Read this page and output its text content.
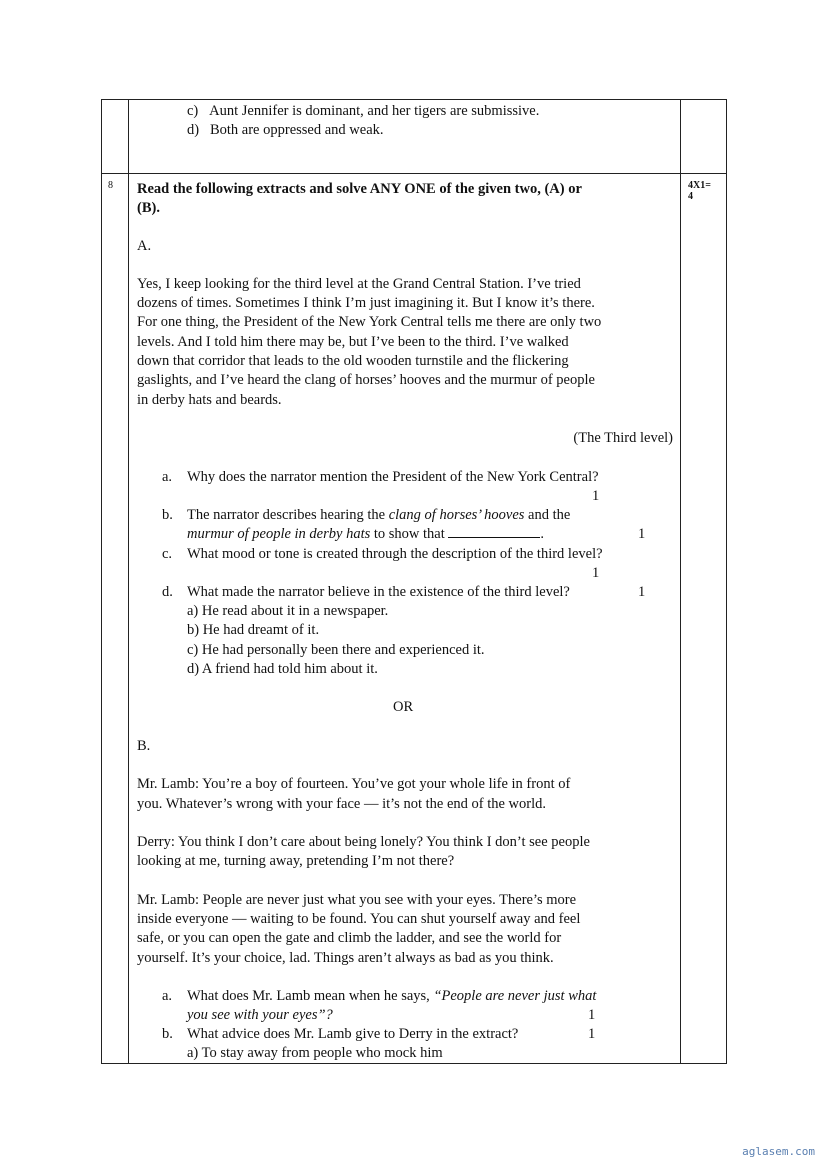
c) Aunt Jennifer is dominant, and her tigers are submissive.
d) Both are oppressed and weak.
8	4X1=
4
Read the following extracts and solve ANY ONE of the given two, (A) or
(B).
A.
Yes, I keep looking for the third level at the Grand Central Station. I’ve tried
dozens of times. Sometimes I think I’m just imagining it. But I know it’s there.
For one thing, the President of the New York Central tells me there are only two
levels. And I told him there may be, but I’ve been to the third. I’ve walked
down that corridor that leads to the old wooden turnstile and the flickering
gaslights, and I’ve heard the clang of horses’ hooves and the murmur of people
in derby hats and beards.
(The Third level)
a. Why does the narrator mention the President of the New York Central?
1
b. The narrator describes hearing the clang of horses’ hooves and the
murmur of people in derby hats to show that	.	1
c. What mood or tone is created through the description of the third level?
1
d. What made the narrator believe in the existence of the third level?	1
a) He read about it in a newspaper.
b) He had dreamt of it.
c) He had personally been there and experienced it.
d) A friend had told him about it.
OR
B.
Mr. Lamb: You’re a boy of fourteen. You’ve got your whole life in front of
you. Whatever’s wrong with your face — it’s not the end of the world.
Derry: You think I don’t care about being lonely? You think I don’t see people
looking at me, turning away, pretending I’m not there?
Mr. Lamb: People are never just what you see with your eyes. There’s more
inside everyone — waiting to be found. You can shut yourself away and feel
safe, or you can open the gate and climb the ladder, and see the world for
yourself. It’s your choice, lad. Things aren’t always as bad as you think.
a. What does Mr. Lamb mean when he says, “People are never just what
you see with your eyes”?	1
b. What advice does Mr. Lamb give to Derry in the extract?	1
a) To stay away from people who mock him
aglasem.com
